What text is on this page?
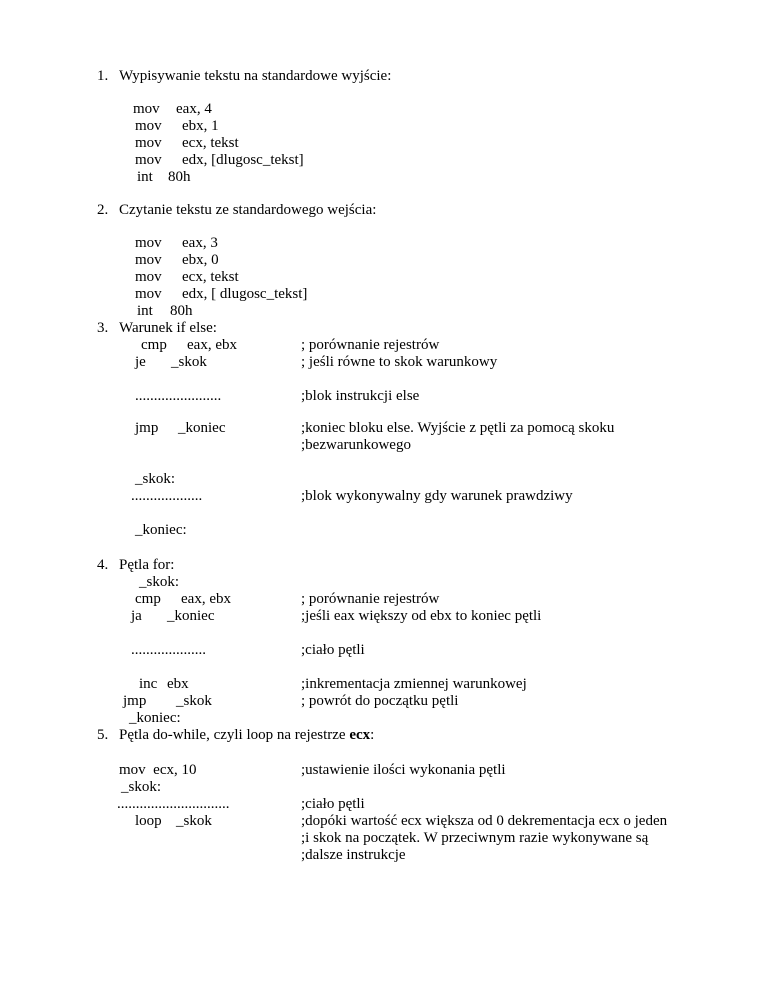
1. Wypisywanie tekstu na standardowe wyjście:
mov eax, 4
mov ebx, 1
mov ecx, tekst
mov edx, [dlugosc_tekst]
int 80h
2. Czytanie tekstu ze standardowego wejścia:
mov eax, 3
mov ebx, 0
mov ecx, tekst
mov edx, [ dlugosc_tekst]
int 80h
3. Warunek if else:
cmp eax, ebx	; porównanie rejestrów
je _skok	; jeśli równe to skok warunkowy
.......................	;blok instrukcji else
jmp _koniec	;koniec bloku else. Wyjście z pętli za pomocą skoku
;bezwarunkowego
_skok:
...................	;blok wykonywalny gdy warunek prawdziwy
_koniec:
4. Pętla for:
_skok:
cmp eax, ebx	; porównanie rejestrów
ja _koniec	;jeśli eax większy od ebx to koniec pętli
....................	;ciało pętli
inc ebx	;inkrementacja zmiennej warunkowej
jmp _skok	; powrót do początku pętli
_koniec:
5. Pętla do-while, czyli loop na rejestrze ecx:
mov  ecx, 10	;ustawienie ilości wykonania pętli
_skok:
..............................	;ciało pętli
loop _skok	;dopóki wartość ecx większa od 0 dekrementacja ecx o jeden
;i skok na początek. W przeciwnym razie wykonywane są
;dalsze instrukcje
